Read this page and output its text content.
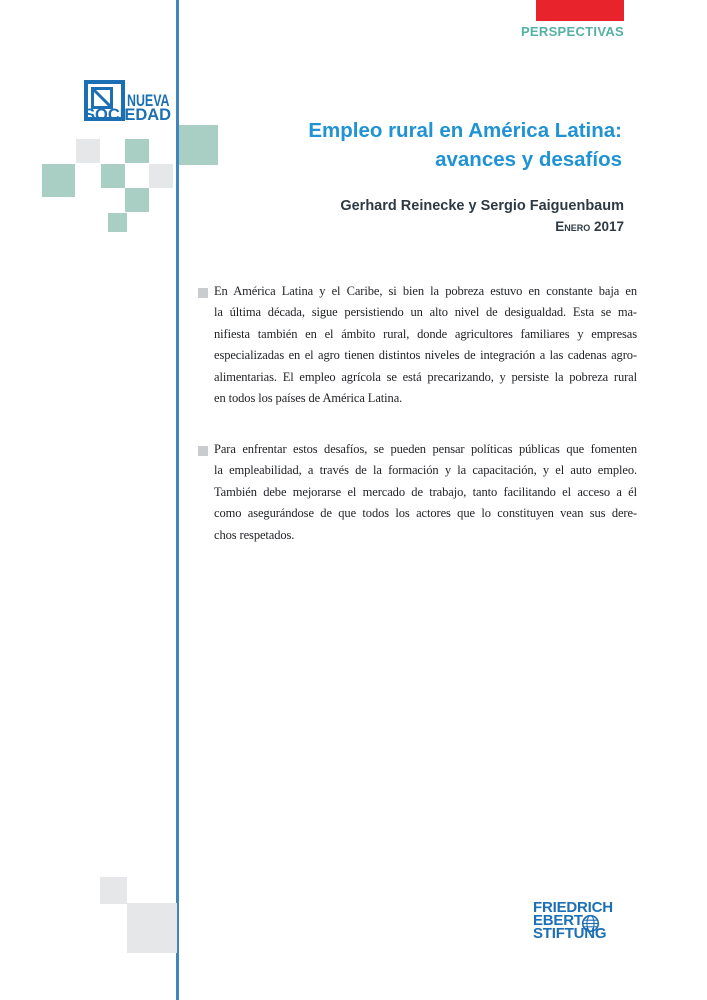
PERSPECTIVAS
NUEVA
SOCIEDAD
Empleo rural en América Latina:
avances y desafíos
Gerhard Reinecke y Sergio Faiguenbaum
Enero 2017
En América Latina y el Caribe, si bien la pobreza estuvo en constante baja en
la última década, sigue persistiendo un alto nivel de desigualdad. Esta se ma-
nifiesta también en el ámbito rural, donde agricultores familiares y empresas
especializadas en el agro tienen distintos niveles de integración a las cadenas agro-
alimentarias. El empleo agrícola se está precarizando, y persiste la pobreza rural
en todos los países de América Latina.
Para enfrentar estos desafíos, se pueden pensar políticas públicas que fomenten
la empleabilidad, a través de la formación y la capacitación, y el auto empleo.
También debe mejorarse el mercado de trabajo, tanto facilitando el acceso a él
como asegurándose de que todos los actores que lo constituyen vean sus dere-
chos respetados.
FRIEDRICH
EBERT
STIFTUNG
